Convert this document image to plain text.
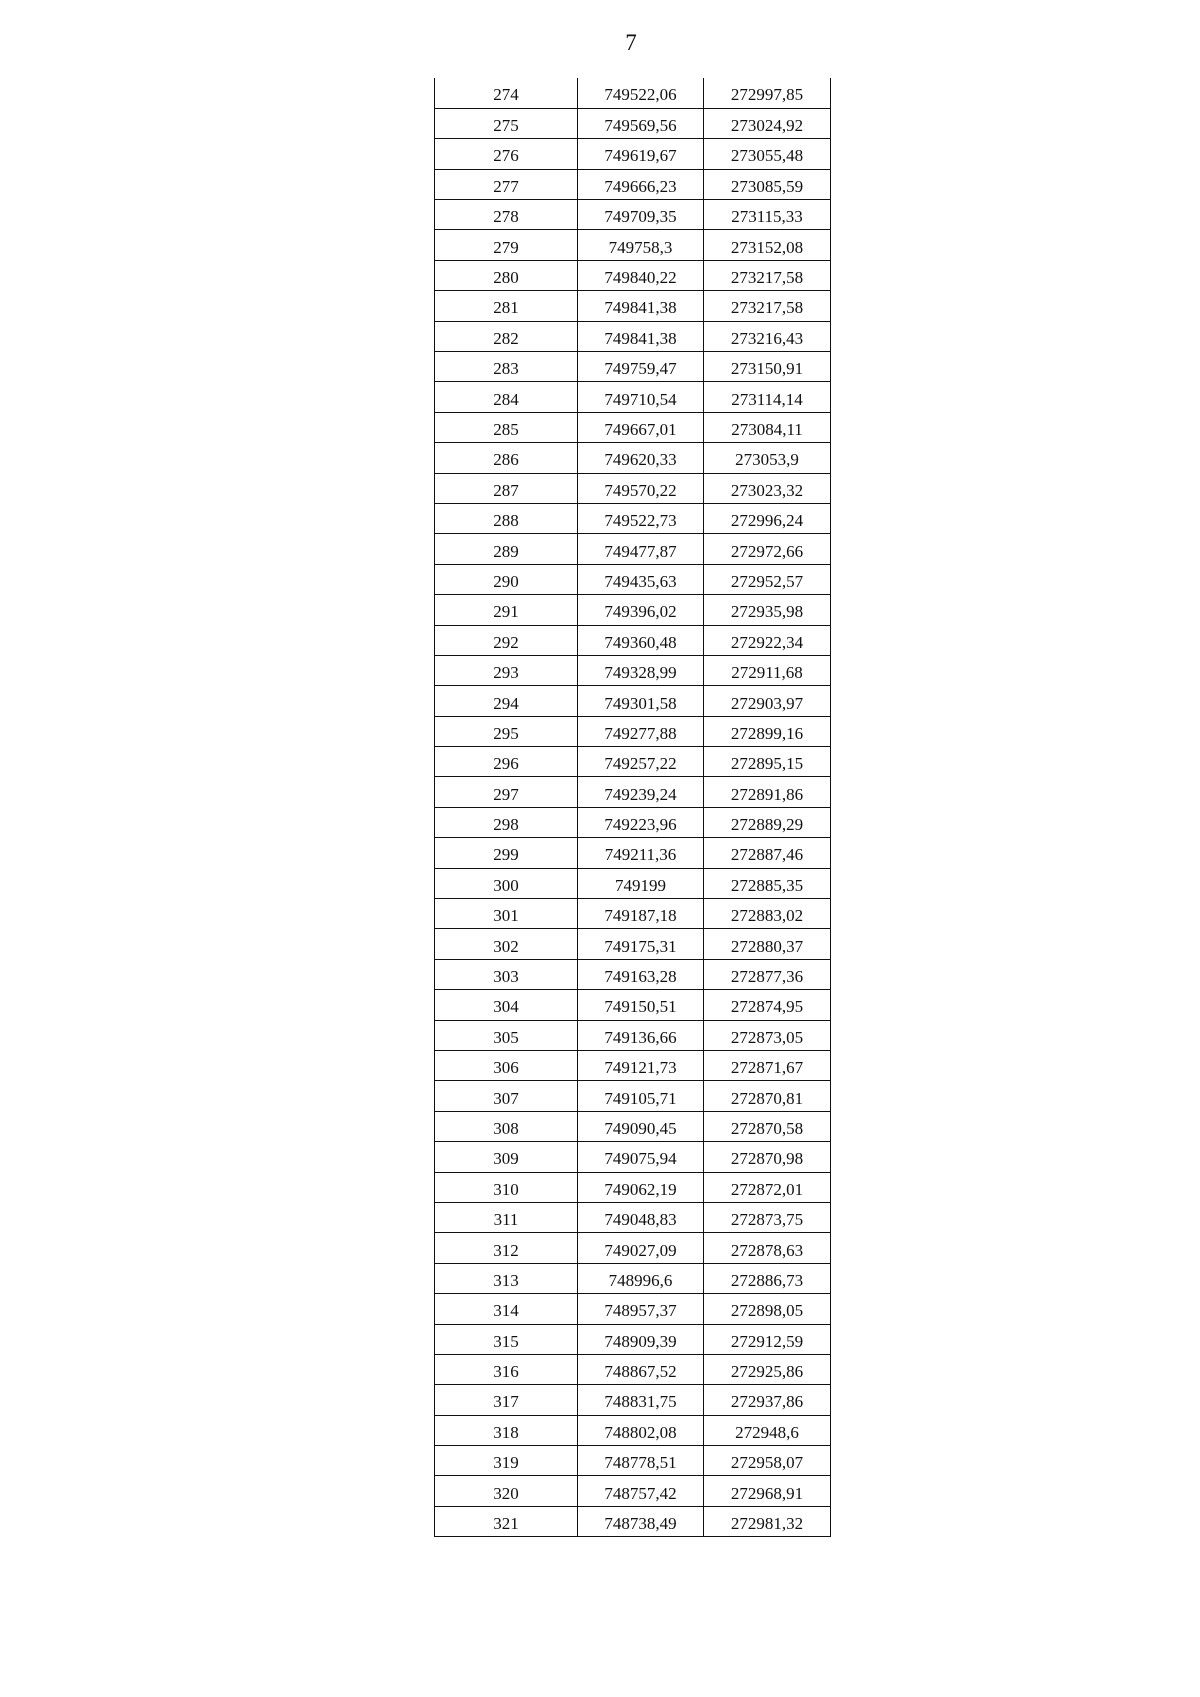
7
274	749522,06	272997,85
275	749569,56	273024,92
276	749619,67	273055,48
277	749666,23	273085,59
278	749709,35	273115,33
279	749758,3	273152,08
280	749840,22	273217,58
281	749841,38	273217,58
282	749841,38	273216,43
283	749759,47	273150,91
284	749710,54	273114,14
285	749667,01	273084,11
286	749620,33	273053,9
287	749570,22	273023,32
288	749522,73	272996,24
289	749477,87	272972,66
290	749435,63	272952,57
291	749396,02	272935,98
292	749360,48	272922,34
293	749328,99	272911,68
294	749301,58	272903,97
295	749277,88	272899,16
296	749257,22	272895,15
297	749239,24	272891,86
298	749223,96	272889,29
299	749211,36	272887,46
300	749199	272885,35
301	749187,18	272883,02
302	749175,31	272880,37
303	749163,28	272877,36
304	749150,51	272874,95
305	749136,66	272873,05
306	749121,73	272871,67
307	749105,71	272870,81
308	749090,45	272870,58
309	749075,94	272870,98
310	749062,19	272872,01
311	749048,83	272873,75
312	749027,09	272878,63
313	748996,6	272886,73
314	748957,37	272898,05
315	748909,39	272912,59
316	748867,52	272925,86
317	748831,75	272937,86
318	748802,08	272948,6
319	748778,51	272958,07
320	748757,42	272968,91
321	748738,49	272981,32
